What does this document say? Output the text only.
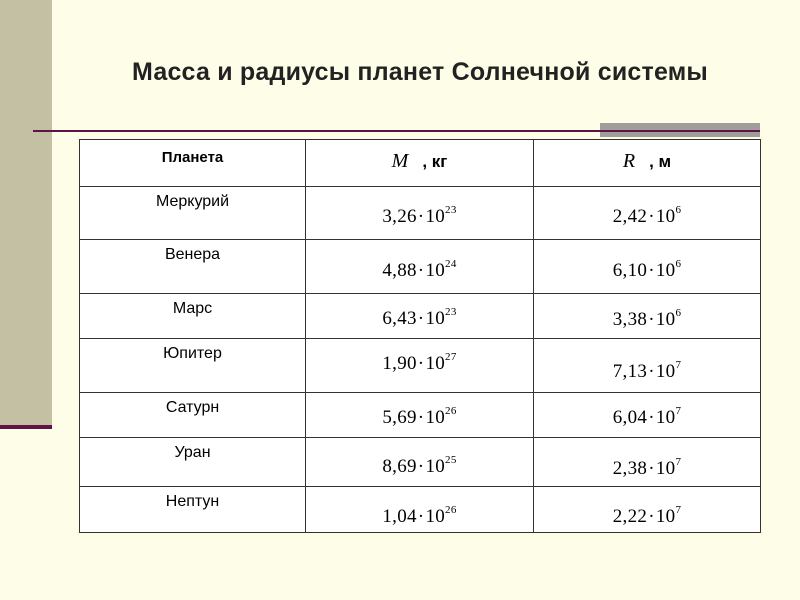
Масса и радиусы планет Солнечной системы
Планета	M , кг	R , м
Меркурий	$3,26\cdot 10^{23}$	$2,42\cdot 10^6$
Венера	$4,88\cdot 10^{24}$	$6,10\cdot 10^6$
Марс	$6,43\cdot 10^{23}$	$3,38\cdot 10^6$
Юпитер	$1,90\cdot 10^{27}$	$7,13\cdot 10^7$
Сатурн	$5,69\cdot 10^{26}$	$6,04\cdot 10^7$
Уран	$8,69\cdot 10^{25}$	$2,38\cdot 10^7$
Нептун	$1,04\cdot 10^{26}$	$2,22\cdot 10^7$
